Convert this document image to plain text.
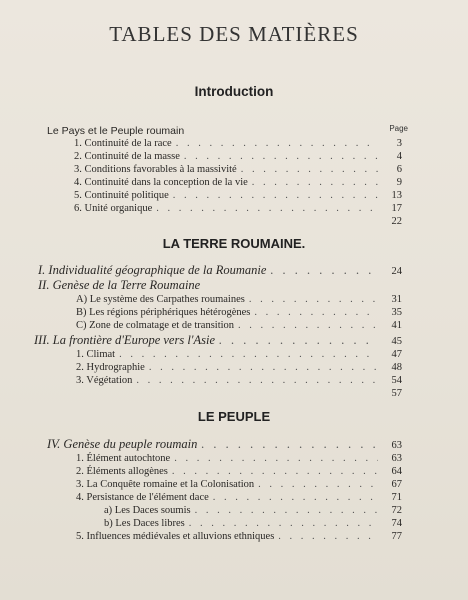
TABLES DES MATIÈRES
Introduction
Page
Le Pays et le Peuple roumain
1. Continuité de la race . . .	3
2. Continuité de la masse . . .	4
3. Conditions favorables à la massivité . . .	6
4. Continuité dans la conception de la vie . . .	9
5. Continuité politique . . .	13
6. Unité organique . . .	17
22
LA TERRE ROUMAINE.
I. Individualité géographique de la Roumanie . . .	24
II. Genèse de la Terre Roumaine
A) Le système des Carpathes roumaines . . .	31
B) Les régions périphériques hétérogènes . . .	35
C) Zone de colmatage et de transition . . .	41
III. La frontière d'Europe vers l'Asie . . .	45
1. Climat . . .	47
2. Hydrographie . . .	48
3. Végétation . . .	54
57
LE PEUPLE
IV. Genèse du peuple roumain . . .	63
1. Élément autochtone . . .	63
2. Éléments allogènes . . .	64
3. La Conquête romaine et la Colonisation . . .	67
4. Persistance de l'élément dace . . .	71
a) Les Daces soumis . . .	72
b) Les Daces libres . . .	74
5. Influences médiévales et alluvions ethniques . . .	77
